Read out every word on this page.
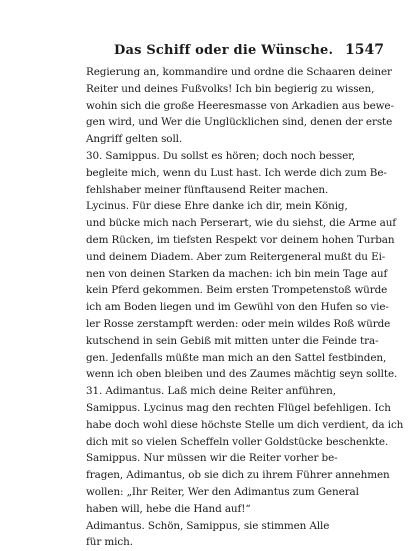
Das Schiff oder die Wünsche. 1547
Regierung an, kommandire und ordne die Schaaren deiner
Reiter und deines Fußvolks! Ich bin begierig zu wissen,
wohin sich die große Heeresmasse von Arkadien aus bewe-
gen wird, und Wer die Unglücklichen sind, denen der erste
Angriff gelten soll.
30. Samippus. Du sollst es hören; doch noch besser,
begleite mich, wenn du Lust hast. Ich werde dich zum Be-
fehlshaber meiner fünftausend Reiter machen.
Lycinus. Für diese Ehre danke ich dir, mein König,
und bücke mich nach Perserart, wie du siehst, die Arme auf
dem Rücken, im tiefsten Respekt vor deinem hohen Turban
und deinem Diadem. Aber zum Reitergeneral mußt du Ei-
nen von deinen Starken da machen: ich bin mein Tage auf
kein Pferd gekommen. Beim ersten Trompetenstoß würde
ich am Boden liegen und im Gewühl von den Hufen so vie-
ler Rosse zerstampft werden: oder mein wildes Roß würde
kutschend in sein Gebiß mit mitten unter die Feinde tra-
gen. Jedenfalls müßte man mich an den Sattel festbinden,
wenn ich oben bleiben und des Zaumes mächtig seyn sollte.
31. Adimantus. Laß mich deine Reiter anführen,
Samippus. Lycinus mag den rechten Flügel befehligen. Ich
habe doch wohl diese höchste Stelle um dich verdient, da ich
dich mit so vielen Scheffeln voller Goldstücke beschenkte.
Samippus. Nur müssen wir die Reiter vorher be-
fragen, Adimantus, ob sie dich zu ihrem Führer annehmen
wollen: „Ihr Reiter, Wer den Adimantus zum General
haben will, hebe die Hand auf!“
Adimantus. Schön, Samippus, sie stimmen Alle
für mich.
